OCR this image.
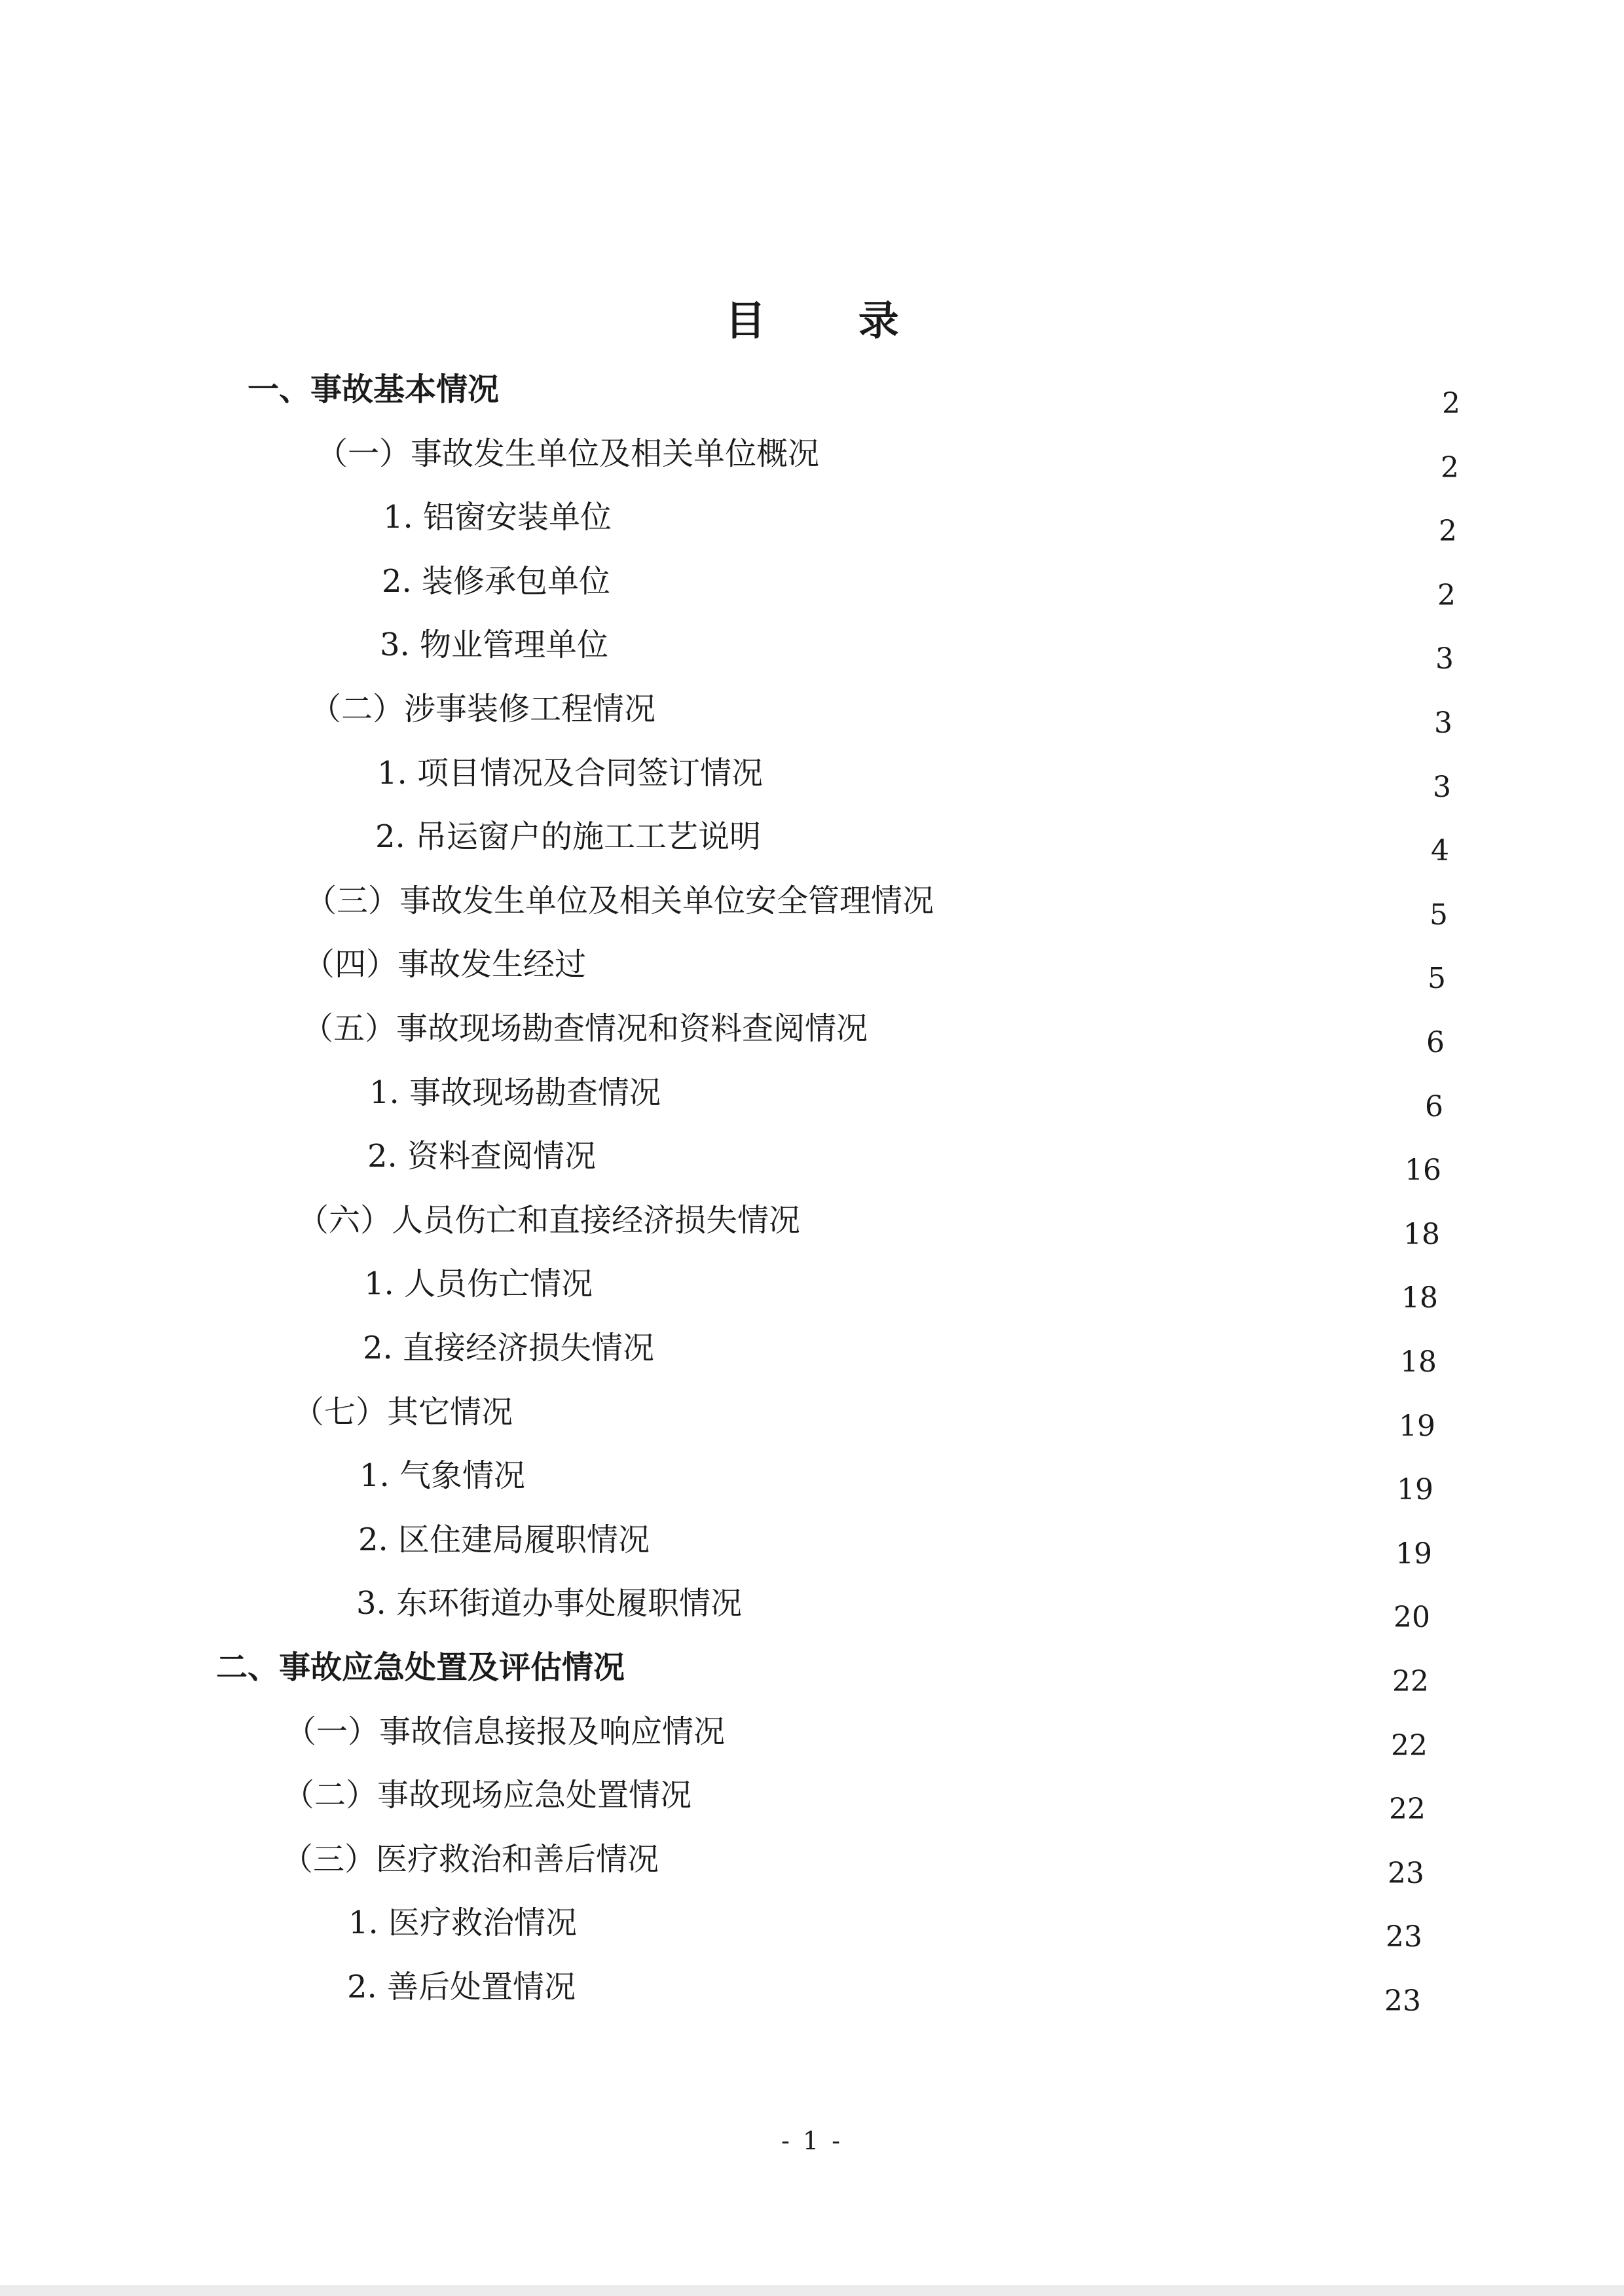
目 录
一、事故基本情况	2
（一）事故发生单位及相关单位概况	2
1. 铝窗安装单位	2
2. 装修承包单位	2
3. 物业管理单位	3
（二）涉事装修工程情况	3
1. 项目情况及合同签订情况	3
2. 吊运窗户的施工工艺说明	4
（三）事故发生单位及相关单位安全管理情况	5
（四）事故发生经过	5
（五）事故现场勘查情况和资料查阅情况	6
1. 事故现场勘查情况	6
2. 资料查阅情况	16
（六）人员伤亡和直接经济损失情况	18
1. 人员伤亡情况	18
2. 直接经济损失情况	18
（七）其它情况	19
1. 气象情况	19
2. 区住建局履职情况	19
3. 东环街道办事处履职情况	20
二、事故应急处置及评估情况	22
（一）事故信息接报及响应情况	22
（二）事故现场应急处置情况	22
（三）医疗救治和善后情况	23
1. 医疗救治情况	23
2. 善后处置情况	23
- 1 -
